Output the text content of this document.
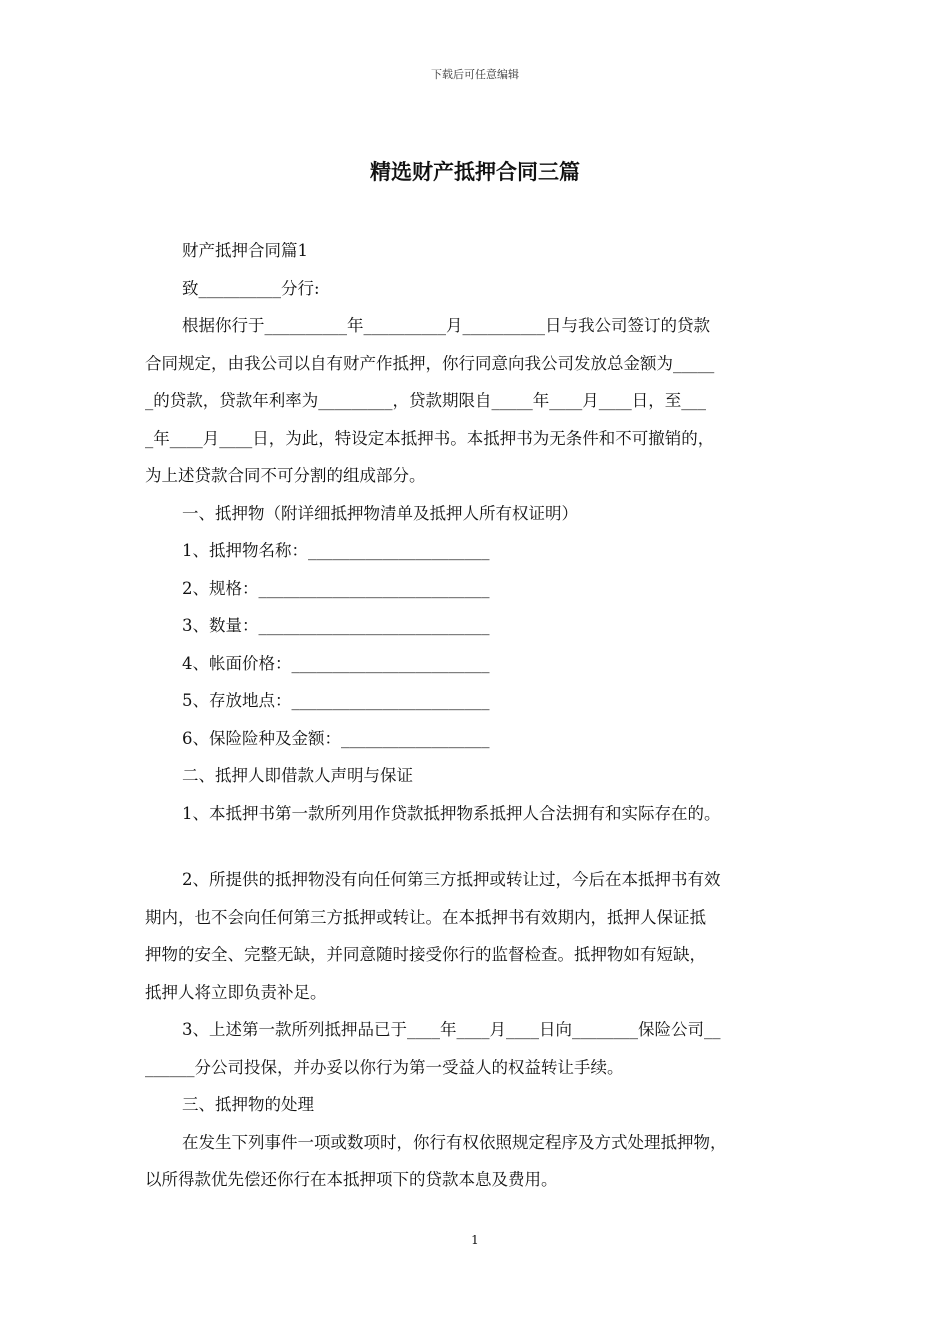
下载后可任意编辑
精选财产抵押合同三篇

财产抵押合同篇1

致__________分行:

根据你行于__________年__________月__________日与我公司签订的贷款

合同规定，由我公司以自有财产作抵押，你行同意向我公司发放总金额为_____

_的贷款，贷款年利率为_________，贷款期限自_____年____月____日，至___

_年____月____日，为此，特设定本抵押书。本抵押书为无条件和不可撤销的，

为上述贷款合同不可分割的组成部分。

一、抵押物（附详细抵押物清单及抵押人所有权证明）

1、抵押物名称：______________________

2、规格：____________________________

3、数量：____________________________

4、帐面价格：________________________

5、存放地点：________________________

6、保险险种及金额：__________________

二、抵押人即借款人声明与保证

1、本抵押书第一款所列用作贷款抵押物系抵押人合法拥有和实际存在的。

2、所提供的抵押物没有向任何第三方抵押或转让过，今后在本抵押书有效

期内，也不会向任何第三方抵押或转让。在本抵押书有效期内，抵押人保证抵

押物的安全、完整无缺，并同意随时接受你行的监督检查。抵押物如有短缺，

抵押人将立即负责补足。

3、上述第一款所列抵押品已于____年____月____日向________保险公司__

______分公司投保，并办妥以你行为第一受益人的权益转让手续。

三、抵押物的处理

在发生下列事件一项或数项时，你行有权依照规定程序及方式处理抵押物，

以所得款优先偿还你行在本抵押项下的贷款本息及费用。

1
